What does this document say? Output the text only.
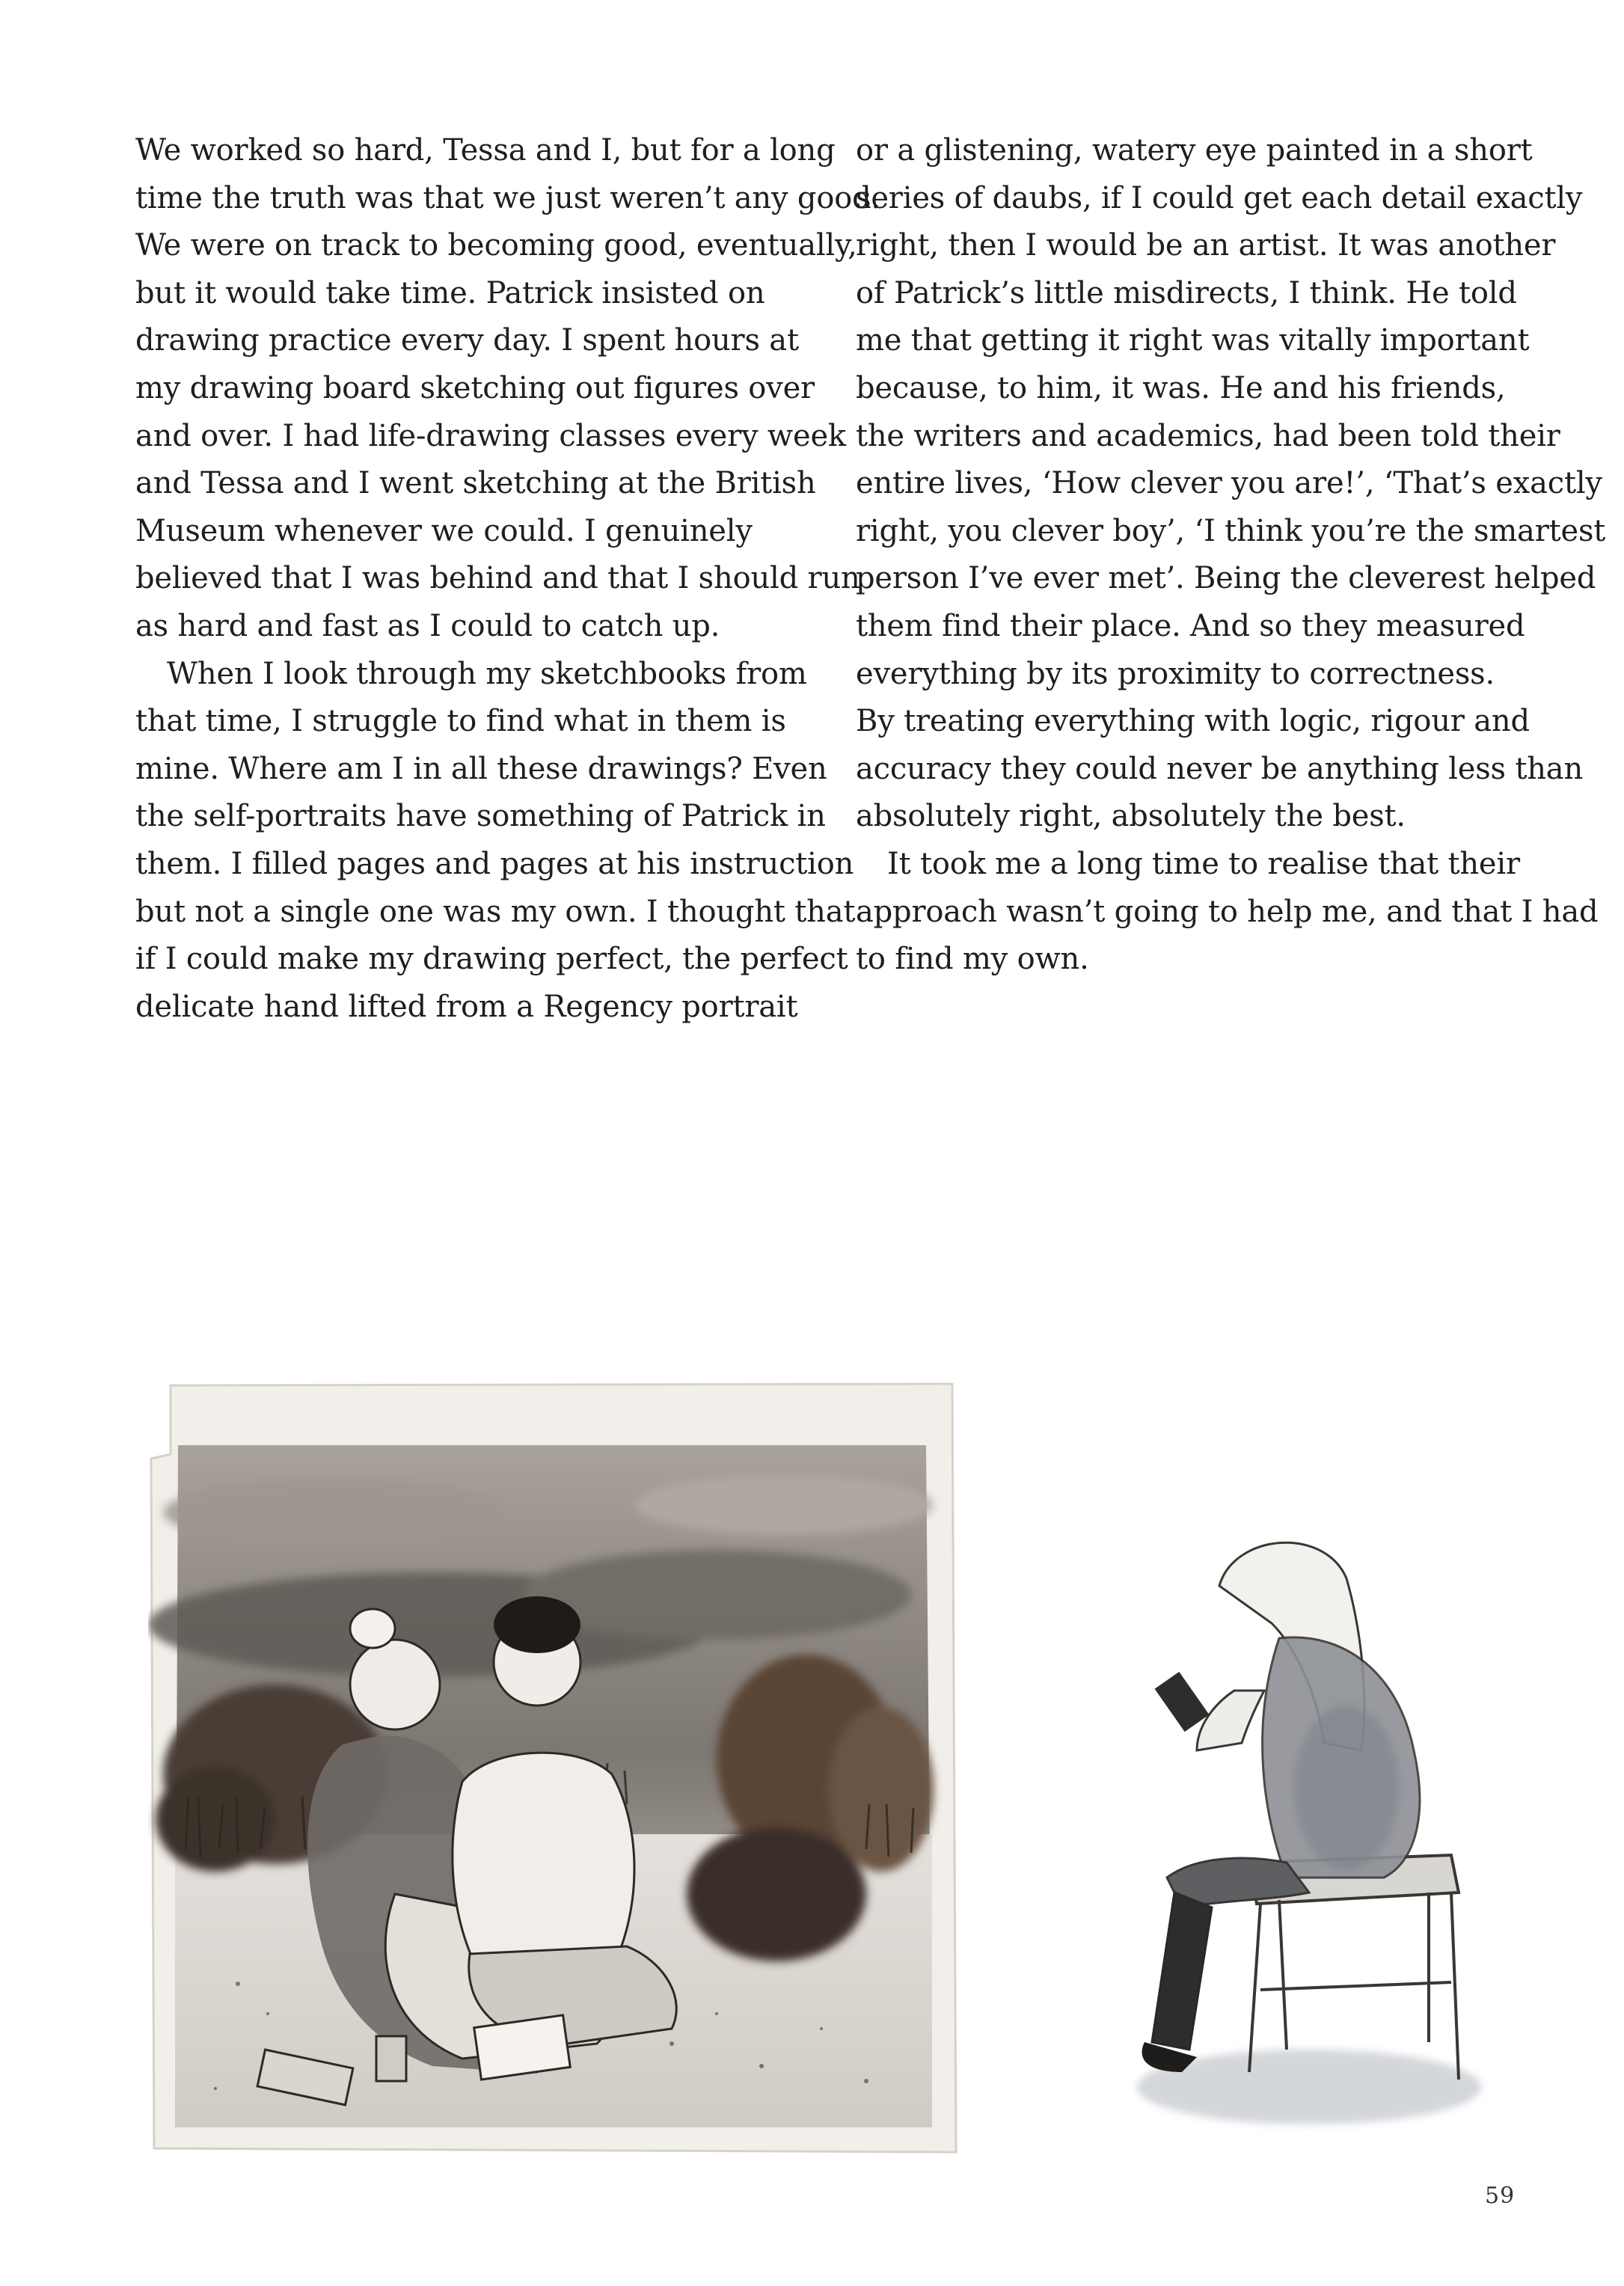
We worked so hard, Tessa and I, but for a long

time the truth was that we just weren’t any good.

We were on track to becoming good, eventually,

but it would take time. Patrick insisted on

drawing practice every day. I spent hours at

my drawing board sketching out figures over

and over. I had life-drawing classes every week

and Tessa and I went sketching at the British

Museum whenever we could. I genuinely

believed that I was behind and that I should run

as hard and fast as I could to catch up.

When I look through my sketchbooks from

that time, I struggle to find what in them is

mine. Where am I in all these drawings? Even

the self-portraits have something of Patrick in

them. I filled pages and pages at his instruction

but not a single one was my own. I thought that

if I could make my drawing perfect, the perfect

delicate hand lifted from a Regency portrait

or a glistening, watery eye painted in a short

series of daubs, if I could get each detail exactly

right, then I would be an artist. It was another

of Patrick’s little misdirects, I think. He told

me that getting it right was vitally important

because, to him, it was. He and his friends,

the writers and academics, had been told their

entire lives, ‘How clever you are!’, ‘That’s exactly

right, you clever boy’, ‘I think you’re the smartest

person I’ve ever met’. Being the cleverest helped

them find their place. And so they measured

everything by its proximity to correctness.

By treating everything with logic, rigour and

accuracy they could never be anything less than

absolutely right, absolutely the best.

It took me a long time to realise that their

approach wasn’t going to help me, and that I had

to find my own.

59
